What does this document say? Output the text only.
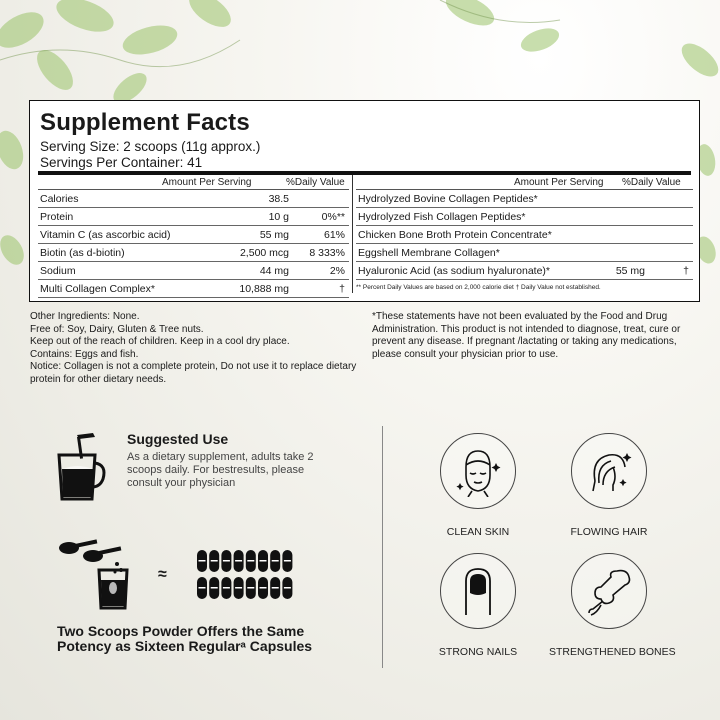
Supplement Facts
Serving Size: 2 scoops (11g approx.)
Servings Per Container: 41
Amount Per Serving	%Daily Value
Calories	38.5
Protein	10 g	0%**
Vitamin C (as ascorbic acid)	55 mg	61%
Biotin (as d-biotin)	2,500 mcg 8 333%
Sodium	44 mg	2%
Multi Collagen Complex*	10,888 mg	†
Amount Per Serving %Daily Value
Hydrolyzed Bovine Collagen Peptides*
Hydrolyzed Fish Collagen Peptides*
Chicken Bone Broth Protein Concentrate*
Eggshell Membrane Collagen*
Hyaluronic Acid (as sodium hyaluronate)*	55 mg	†
** Percent Daily Values are based on 2,000 calorie diet † Daily Value not established.
Other Ingredients: None.
Free of: Soy, Dairy, Gluten & Tree nuts.
Keep out of the reach of children. Keep in a cool dry place.
Contains: Eggs and fish.
Notice: Collagen is not a complete protein, Do not use it to replace dietary protein for other dietary needs.
*These statements have not been evaluated by the Food and Drug Administration. This product is not intended to diagnose, treat, cure or prevent any disease. If pregnant /lactating or taking any medications, please consult your physician prior to use.
Suggested Use
As a dietary supplement, adults take 2 scoops daily. For bestresults, please consult your physician
≈
Two Scoops Powder Offers the Same Potency as Sixteen Regularᵃ Capsules
CLEAN SKIN	FLOWING HAIR
STRONG NAILS	STRENGTHENED BONES
